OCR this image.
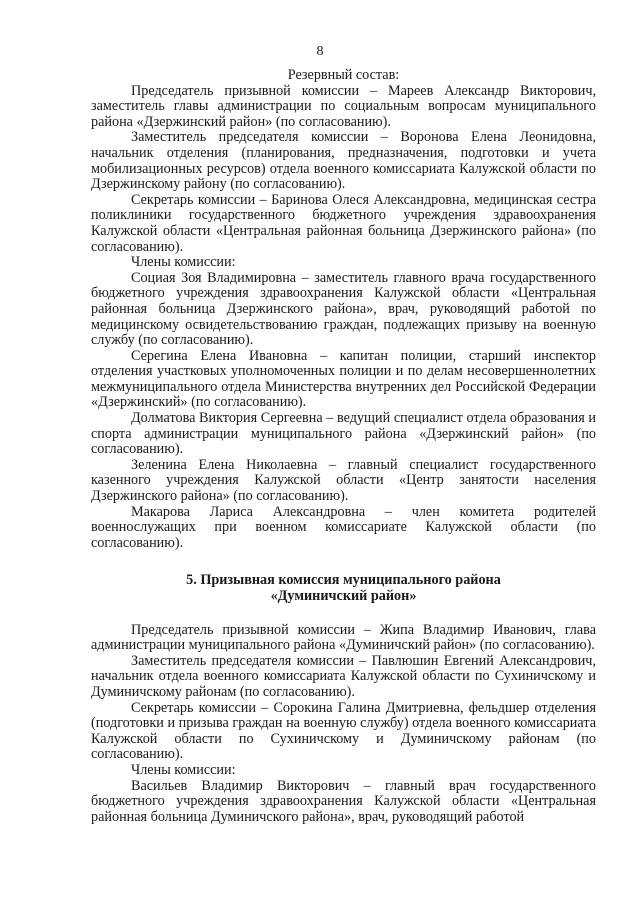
8

Резервный состав:

Председатель призывной комиссии – Мареев Александр Викторович, заместитель главы администрации по социальным вопросам муниципального района «Дзержинский район» (по согласованию).

Заместитель председателя комиссии – Воронова Елена Леонидовна, начальник отделения (планирования, предназначения, подготовки и учета мобилизационных ресурсов) отдела военного комиссариата Калужской области по Дзержинскому району (по согласованию).

Секретарь комиссии – Баринова Олеся Александровна, медицинская сестра поликлиники государственного бюджетного учреждения здравоохранения Калужской области «Центральная районная больница Дзержинского района» (по согласованию).

Члены комиссии:

Социая Зоя Владимировна – заместитель главного врача государственного бюджетного учреждения здравоохранения Калужской области «Центральная районная больница Дзержинского района», врач, руководящий работой по медицинскому освидетельствованию граждан, подлежащих призыву на военную службу (по согласованию).

Серегина Елена Ивановна – капитан полиции, старший инспектор отделения участковых уполномоченных полиции и по делам несовершеннолетних межмуниципального отдела Министерства внутренних дел Российской Федерации «Дзержинский» (по согласованию).

Долматова Виктория Сергеевна – ведущий специалист отдела образования и спорта администрации муниципального района «Дзержинский район» (по согласованию).

Зеленина Елена Николаевна – главный специалист государственного казенного учреждения Калужской области «Центр занятости населения Дзержинского района» (по согласованию).

Макарова Лариса Александровна – член комитета родителей военнослужащих при военном комиссариате Калужской области (по согласованию).

5. Призывная комиссия муниципального района

«Думиничский район»

Председатель призывной комиссии – Жипа Владимир Иванович, глава администрации муниципального района «Думиничский район» (по согласованию).

Заместитель председателя комиссии – Павлюшин Евгений Александрович, начальник отдела военного комиссариата Калужской области по Сухиничскому и Думиничскому районам (по согласованию).

Секретарь комиссии – Сорокина Галина Дмитриевна, фельдшер отделения (подготовки и призыва граждан на военную службу) отдела военного комиссариата Калужской области по Сухиничскому и Думиничскому районам (по согласованию).

Члены комиссии:

Васильев Владимир Викторович – главный врач государственного бюджетного учреждения здравоохранения Калужской области «Центральная районная больница Думиничского района», врач, руководящий работой
